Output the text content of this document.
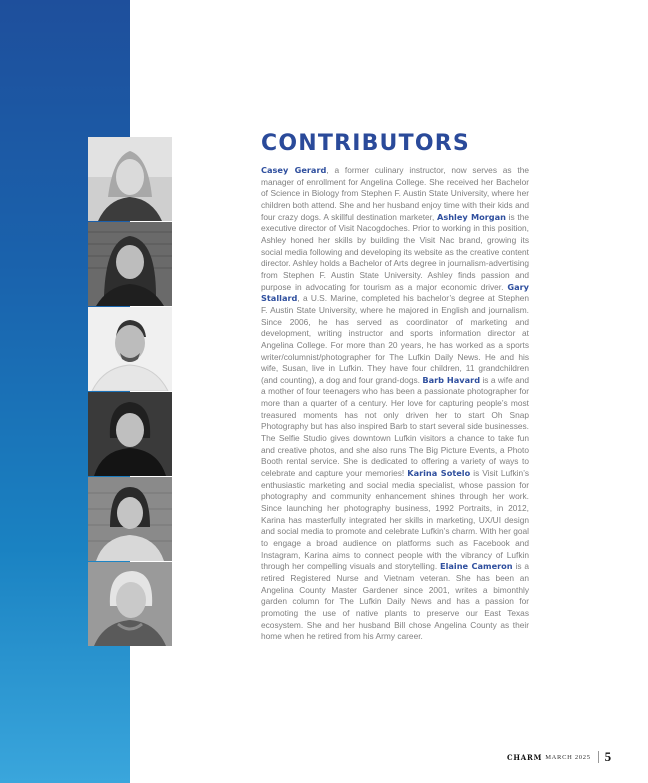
CONTRIBUTORS

Casey Gerard, a former culinary instructor, now serves as the manager of enrollment for Angelina College. She received her Bachelor of Science in Biology from Stephen F. Austin State University, where her children both attend. She and her husband enjoy time with their kids and four crazy dogs. A skillful destination marketer, Ashley Morgan is the executive director of Visit Nacogdoches. Prior to working in this position, Ashley honed her skills by building the Visit Nac brand, growing its social media following and developing its website as the creative content director. Ashley holds a Bachelor of Arts degree in journalism-advertising from Stephen F. Austin State University. Ashley finds passion and purpose in advocating for tourism as a major economic driver. Gary Stallard, a U.S. Marine, completed his bachelor’s degree at Stephen F. Austin State University, where he majored in English and journalism. Since 2006, he has served as coordinator of marketing and development, writing instructor and sports information director at Angelina College. For more than 20 years, he has worked as a sports writer/columnist/photographer for The Lufkin Daily News. He and his wife, Susan, live in Lufkin. They have four children, 11 grandchildren (and counting), a dog and four grand-dogs. Barb Havard is a wife and a mother of four teenagers who has been a passionate photographer for more than a quarter of a century. Her love for capturing people’s most treasured moments has not only driven her to start Oh Snap Photography but has also inspired Barb to start several side businesses. The Selfie Studio gives downtown Lufkin visitors a chance to take fun and creative photos, and she also runs The Big Picture Events, a Photo Booth rental service. She is dedicated to offering a variety of ways to celebrate and capture your memories! Karina Sotelo is Visit Lufkin’s enthusiastic marketing and social media specialist, whose passion for photography and community enhancement shines through her work. Since launching her photography business, 1992 Portraits, in 2012, Karina has masterfully integrated her skills in marketing, UX/UI design and social media to promote and celebrate Lufkin’s charm. With her goal to engage a broad audience on platforms such as Facebook and Instagram, Karina aims to connect people with the vibrancy of Lufkin through her compelling visuals and storytelling. Elaine Cameron is a retired Registered Nurse and Vietnam veteran. She has been an Angelina County Master Gardener since 2001, writes a bimonthly garden column for The Lufkin Daily News and has a passion for promoting the use of native plants to preserve our East Texas ecosystem. She and her husband Bill chose Angelina County as their home when he retired from his Army career.

CHARM MARCH 2025 5
